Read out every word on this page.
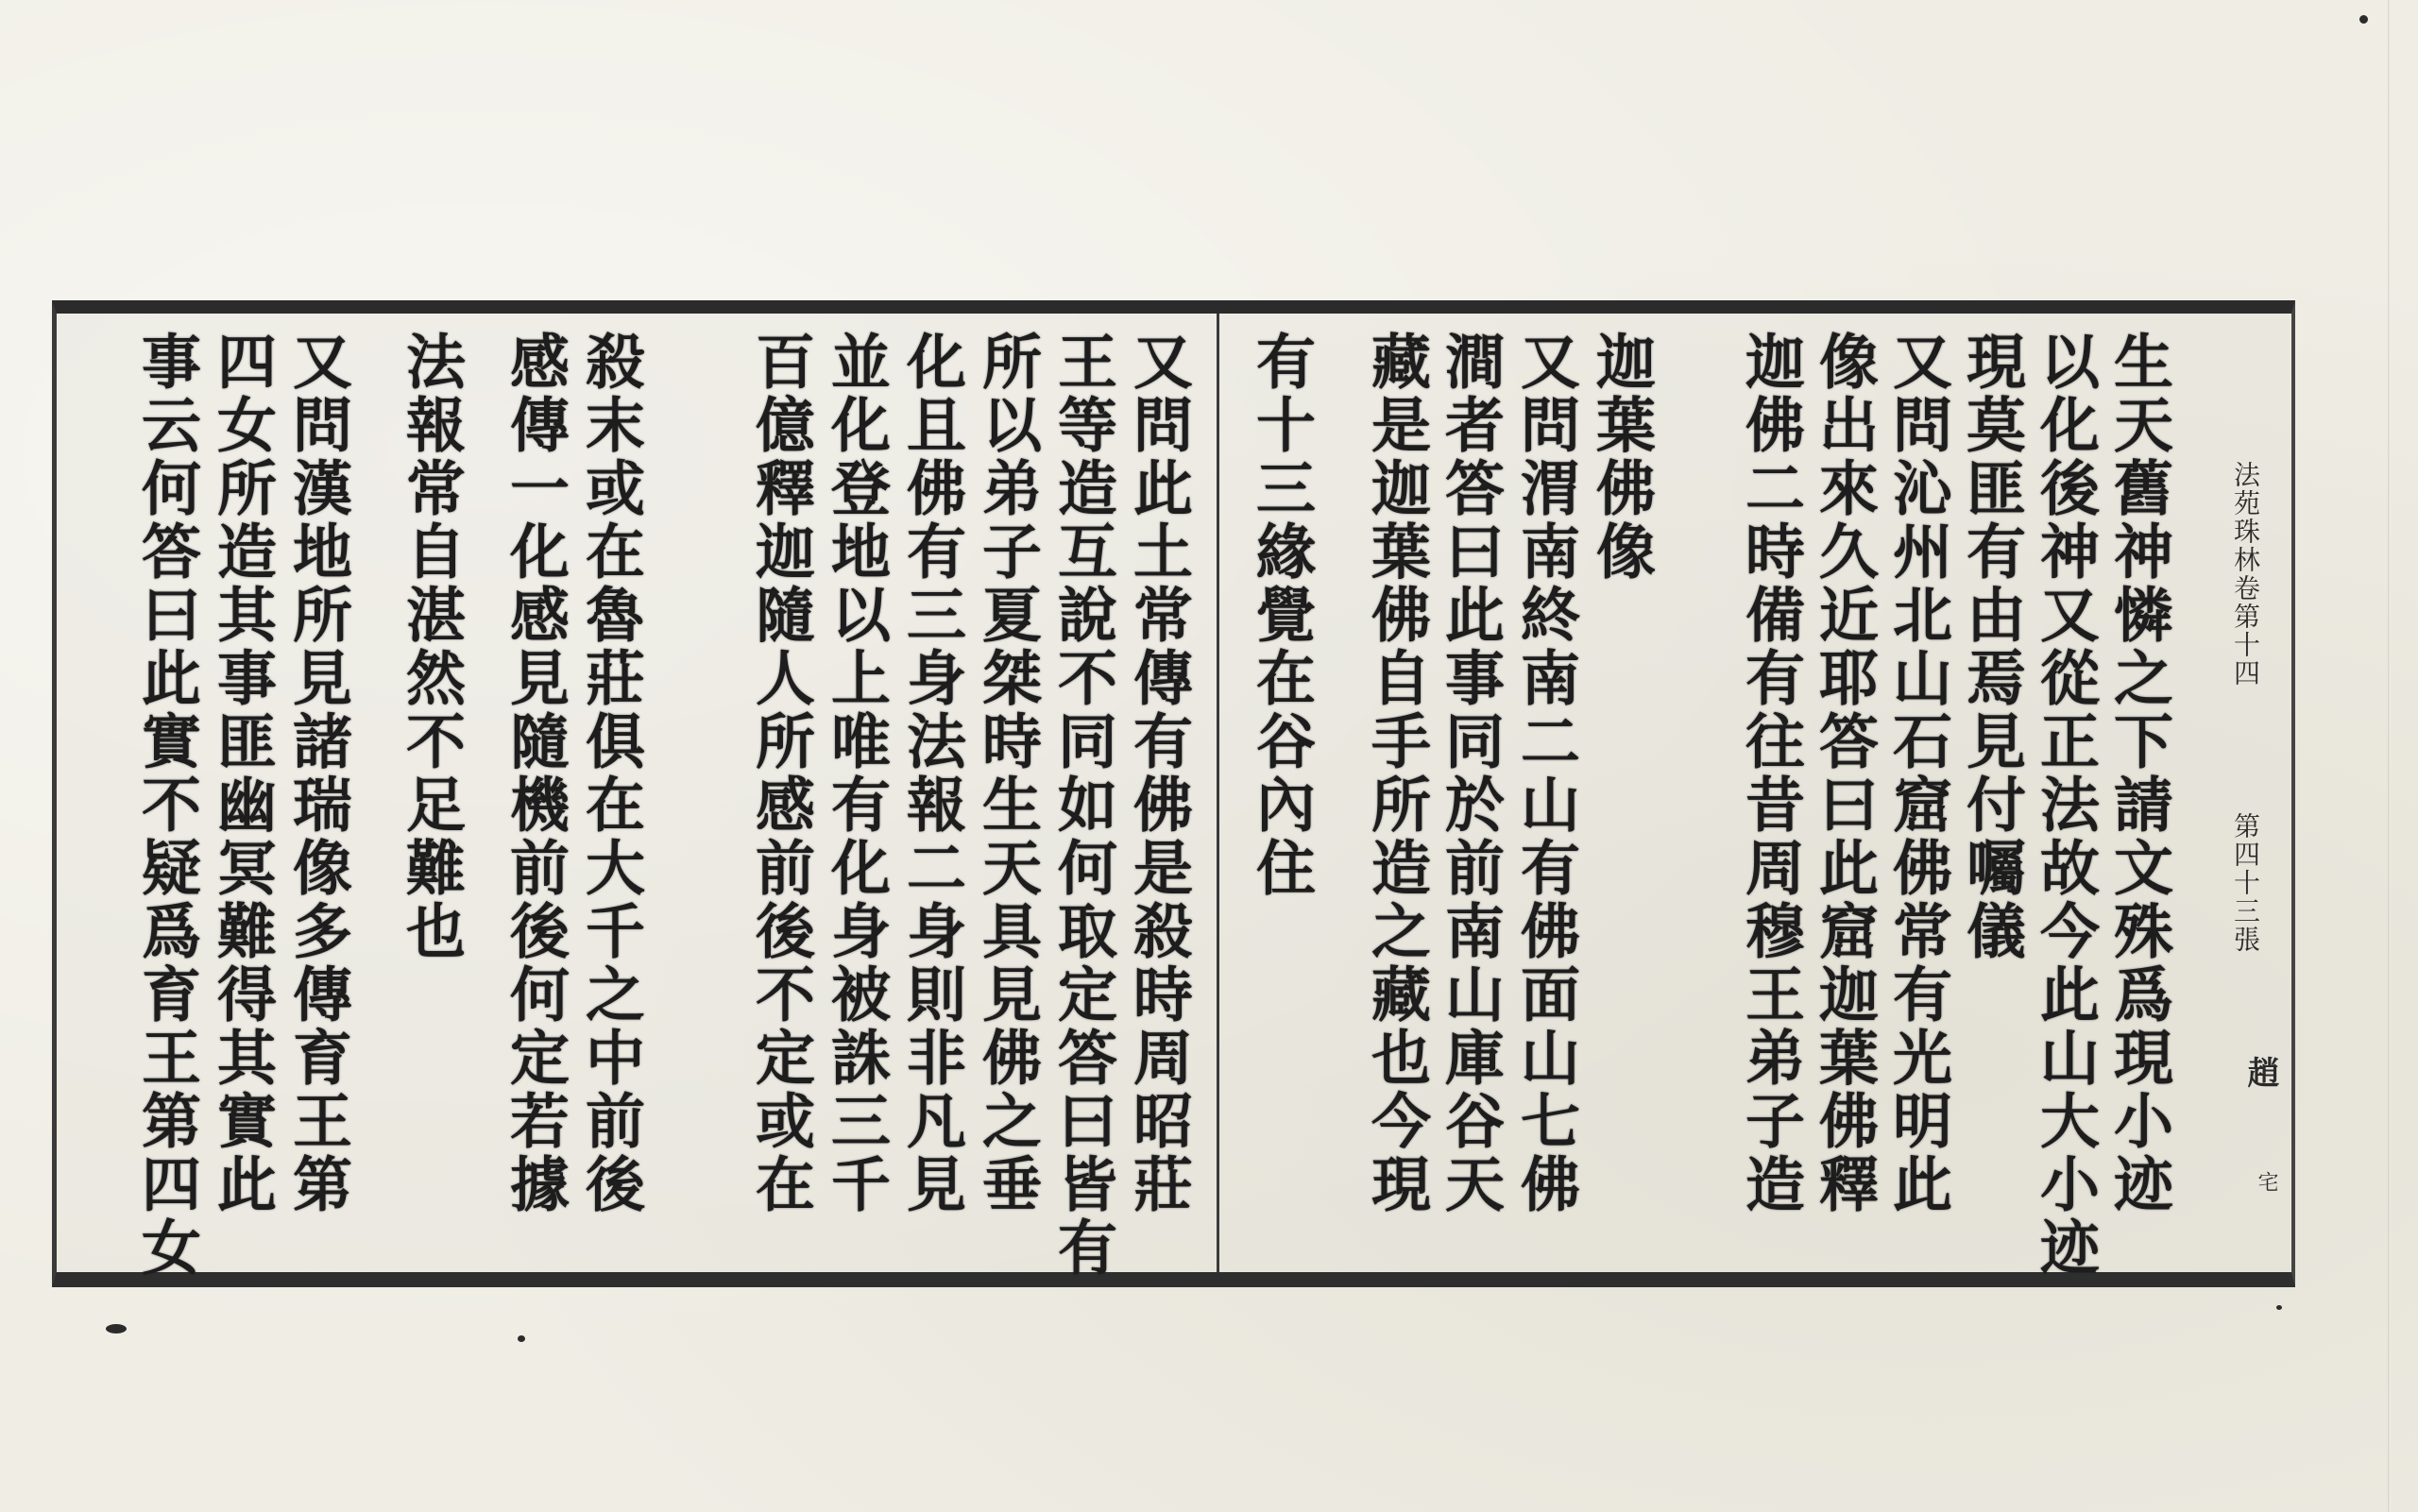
法苑珠林卷第十四
第四十三張
趙
宅
生天舊神憐之下請文殊爲現小迹
以化後神又從正法故今此山大小迹
現莫匪有由焉見付囑儀
又問沁州北山石窟佛常有光明此
像出來久近耶答曰此窟迦葉佛釋
迦佛二時備有往昔周穆王弟子造
迦葉佛像
又問渭南終南二山有佛面山七佛
澗者答曰此事同於前南山庫谷天
藏是迦葉佛自手所造之藏也今現
有十三緣覺在谷內住
又問此土常傳有佛是殺時周昭莊
王等造互說不同如何取定答曰皆有
所以弟子夏桀時生天具見佛之垂
化且佛有三身法報二身則非凡見
並化登地以上唯有化身被誅三千
百億釋迦隨人所感前後不定或在
殺末或在魯莊俱在大千之中前後
感傳一化感見隨機前後何定若據
法報常自湛然不足難也
又問漢地所見諸瑞像多傳育王第
四女所造其事匪幽冥難得其實此
事云何答曰此實不疑爲育王第四女
